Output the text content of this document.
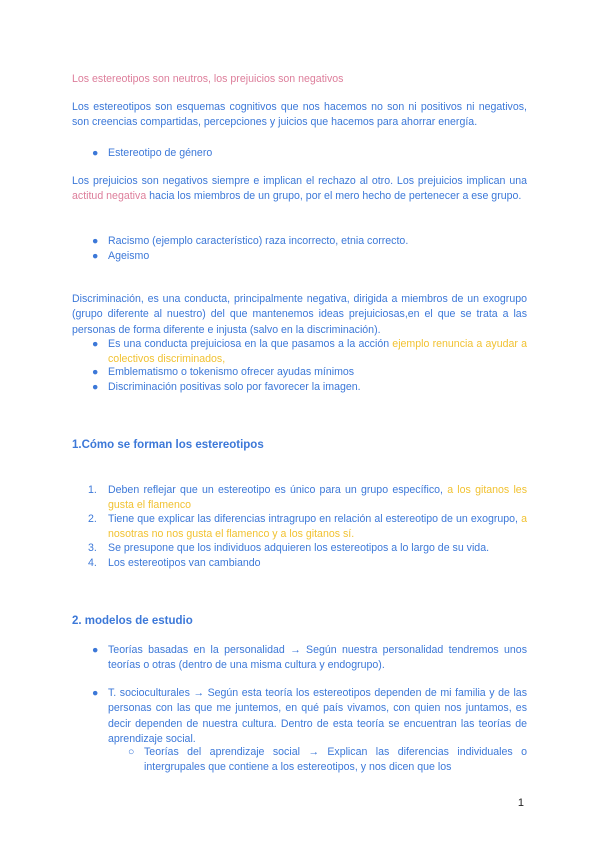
Los estereotipos son neutros, los prejuicios son negativos

Los estereotipos son esquemas cognitivos que nos hacemos no son ni positivos ni negativos, son creencias compartidas, percepciones y juicios que hacemos para ahorrar energía.

● Estereotipo de género

Los prejuicios son negativos siempre e implican el rechazo al otro. Los prejuicios implican una actitud negativa hacia los miembros de un grupo, por el mero hecho de pertenecer a ese grupo.

● Racismo (ejemplo característico) raza incorrecto, etnia correcto.

● Ageismo

Discriminación, es una conducta, principalmente negativa, dirigida a miembros de un exogrupo (grupo diferente al nuestro) del que mantenemos ideas prejuiciosas,en el que se trata a las personas de forma diferente e injusta (salvo en la discriminación).

● Es una conducta prejuiciosa en la que pasamos a la acción ejemplo renuncia a ayudar a colectivos discriminados,

● Emblematismo o tokenismo ofrecer ayudas mínimos

● Discriminación positivas solo por favorecer la imagen.

1.Cómo se forman los estereotipos

1. Deben reflejar que un estereotipo es único para un grupo específico, a los gitanos les gusta el flamenco

2. Tiene que explicar las diferencias intragrupo en relación al estereotipo de un exogrupo, a nosotras no nos gusta el flamenco y a los gitanos sí.

3. Se presupone que los individuos adquieren los estereotipos a lo largo de su vida.

4. Los estereotipos van cambiando

2. modelos de estudio

● Teorías basadas en la personalidad → Según nuestra personalidad tendremos unos teorías o otras (dentro de una misma cultura y endogrupo).

● T. socioculturales → Según esta teoría los estereotipos dependen de mi familia y de las personas con las que me juntemos, en qué país vivamos, con quien nos juntamos, es decir dependen de nuestra cultura. Dentro de esta teoría se encuentran las teorías de aprendizaje social.

○ Teorías del aprendizaje social → Explican las diferencias individuales o intergrupales que contiene a los estereotipos, y nos dicen que los

1
